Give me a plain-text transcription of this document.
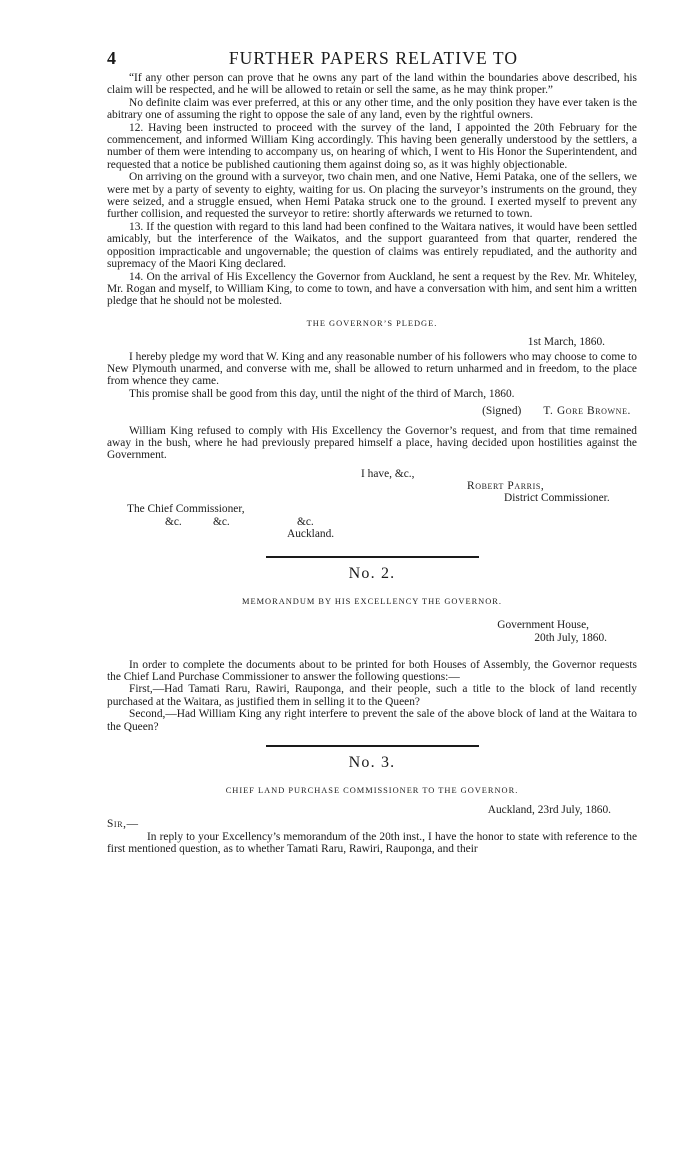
4	FURTHER PAPERS RELATIVE TO

“If any other person can prove that he owns any part of the land within the boundaries above described, his claim will be respected, and he will be allowed to retain or sell the same, as he may think proper.”

No definite claim was ever preferred, at this or any other time, and the only position they have ever taken is the abitrary one of assuming the right to oppose the sale of any land, even by the rightful owners.

12. Having been instructed to proceed with the survey of the land, I appointed the 20th February for the commencement, and informed William King accordingly. This having been generally understood by the settlers, a number of them were intending to accompany us, on hearing of which, I went to His Honor the Superintendent, and requested that a notice be published cautioning them against doing so, as it was highly objectionable.

On arriving on the ground with a surveyor, two chain men, and one Native, Hemi Pataka, one of the sellers, we were met by a party of seventy to eighty, waiting for us. On placing the surveyor’s instruments on the ground, they were seized, and a struggle ensued, when Hemi Pataka struck one to the ground. I exerted myself to prevent any further collision, and requested the surveyor to retire: shortly afterwards we returned to town.

13. If the question with regard to this land had been confined to the Waitara natives, it would have been settled amicably, but the interference of the Waikatos, and the support guaranteed from that quarter, rendered the opposition impracticable and ungovernable; the question of claims was entirely repudiated, and the authority and supremacy of the Maori King declared.

14. On the arrival of His Excellency the Governor from Auckland, he sent a request by the Rev. Mr. Whiteley, Mr. Rogan and myself, to William King, to come to town, and have a conversation with him, and sent him a written pledge that he should not be molested.

THE GOVERNOR’S PLEDGE.
1st March, 1860.

I hereby pledge my word that W. King and any reasonable number of his followers who may choose to come to New Plymouth unarmed, and converse with me, shall be allowed to return unharmed and in freedom, to the place from whence they came.

This promise shall be good from this day, until the night of the third of March, 1860.

(Signed) T. Gore Browne.

William King refused to comply with His Excellency the Governor’s request, and from that time remained away in the bush, where he had previously prepared himself a place, having decided upon hostilities against the Government.

I have, &c.,
Robert Parris,
District Commissioner.
The Chief Commissioner,
&c.	&c.	&c.
Auckland.
No. 2.
MEMORANDUM BY HIS EXCELLENCY THE GOVERNOR.
Government House,
20th July, 1860.

In order to complete the documents about to be printed for both Houses of Assembly, the Governor requests the Chief Land Purchase Commissioner to answer the following questions:—

First,—Had Tamati Raru, Rawiri, Rauponga, and their people, such a title to the block of land recently purchased at the Waitara, as justified them in selling it to the Queen?

Second,—Had William King any right interfere to prevent the sale of the above block of land at the Waitara to the Queen?

No. 3.
CHIEF LAND PURCHASE COMMISSIONER TO THE GOVERNOR.
Auckland, 23rd July, 1860.
Sir,—

In reply to your Excellency’s memorandum of the 20th inst., I have the honor to state with reference to the first mentioned question, as to whether Tamati Raru, Rawiri, Rauponga, and their
